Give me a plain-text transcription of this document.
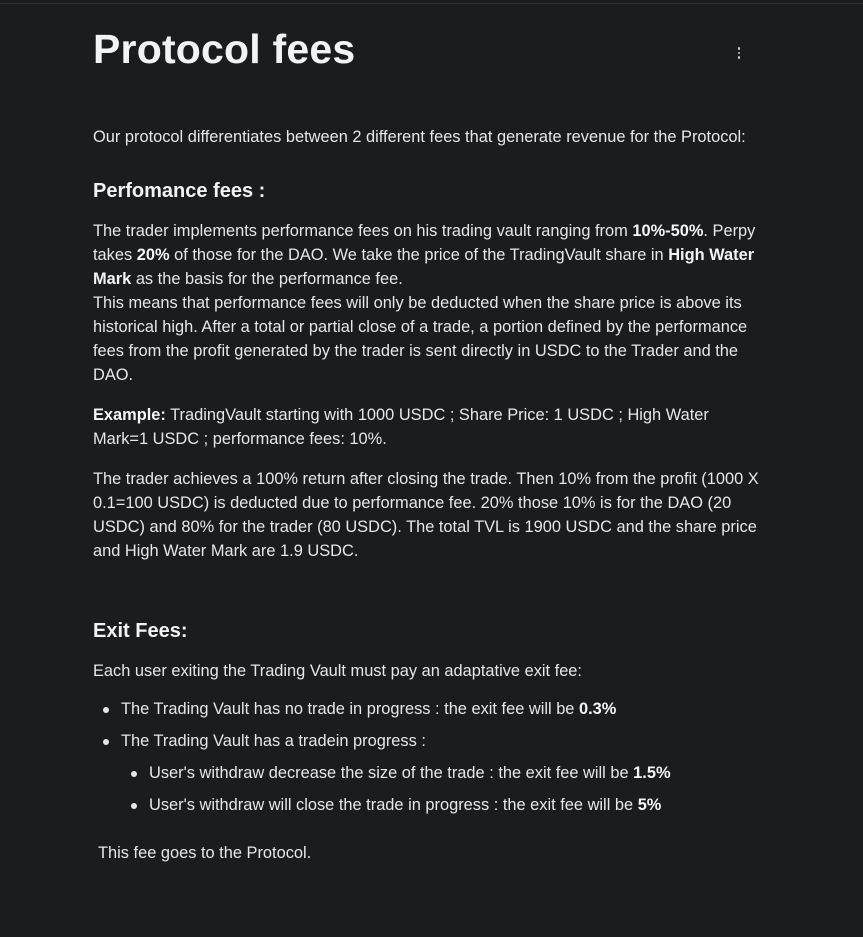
Protocol fees

Our protocol differentiates between 2 different fees that generate revenue for the Protocol:

Perfomance fees :

The trader implements performance fees on his trading vault ranging from 10%-50%. Perpy takes 20% of those for the DAO. We take the price of the TradingVault share in High Water Mark as the basis for the performance fee.
This means that performance fees will only be deducted when the share price is above its historical high. After a total or partial close of a trade, a portion defined by the performance fees from the profit generated by the trader is sent directly in USDC to the Trader and the DAO.

Example: TradingVault starting with 1000 USDC ; Share Price: 1 USDC ; High Water Mark=1 USDC ; performance fees: 10%.

The trader achieves a 100% return after closing the trade. Then 10% from the profit (1000 X 0.1=100 USDC) is deducted due to performance fee. 20% those 10% is for the DAO (20 USDC) and 80% for the trader (80 USDC). The total TVL is 1900 USDC and the share price and High Water Mark are 1.9 USDC.

Exit Fees:

Each user exiting the Trading Vault must pay an adaptative exit fee:

The Trading Vault has no trade in progress : the exit fee will be 0.3%
The Trading Vault has a tradein progress :
User's withdraw decrease the size of the trade : the exit fee will be 1.5%
User's withdraw will close the trade in progress : the exit fee will be 5%

This fee goes to the Protocol.
